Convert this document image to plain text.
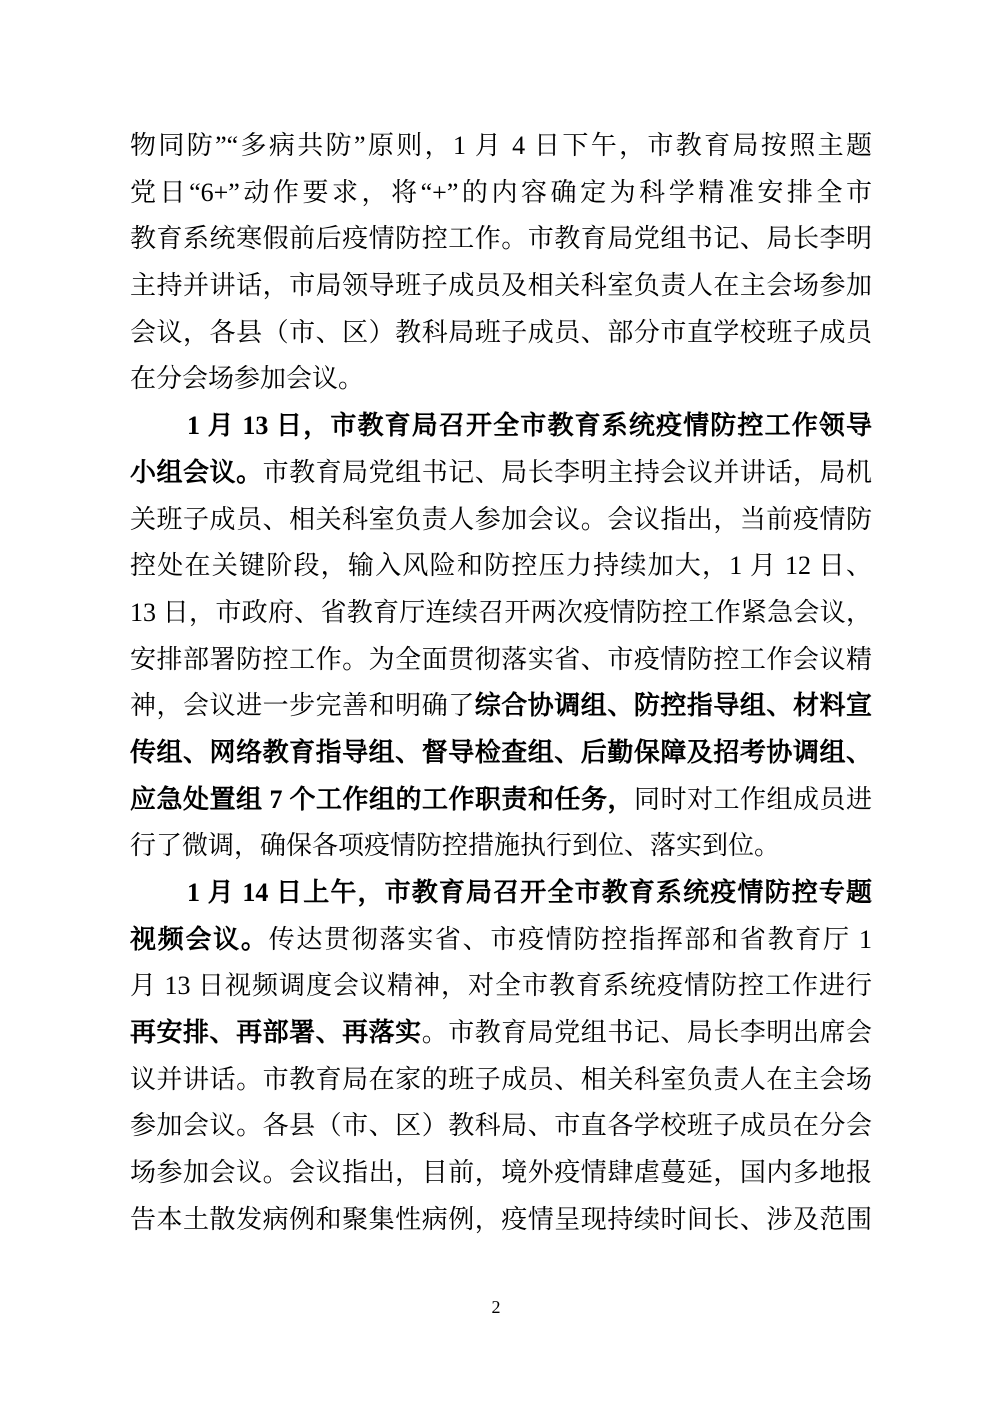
物同防”“多病共防”原则，1 月 4 日下午，市教育局按照主题
党日“6+”动作要求，将“+”的内容确定为科学精准安排全市
教育系统寒假前后疫情防控工作。市教育局党组书记、局长李明
主持并讲话，市局领导班子成员及相关科室负责人在主会场参加
会议，各县（市、区）教科局班子成员、部分市直学校班子成员
在分会场参加会议。
1 月 13 日，市教育局召开全市教育系统疫情防控工作领导
小组会议。市教育局党组书记、局长李明主持会议并讲话，局机
关班子成员、相关科室负责人参加会议。会议指出，当前疫情防
控处在关键阶段，输入风险和防控压力持续加大，1 月 12 日、
13 日，市政府、省教育厅连续召开两次疫情防控工作紧急会议，
安排部署防控工作。为全面贯彻落实省、市疫情防控工作会议精
神，会议进一步完善和明确了综合协调组、防控指导组、材料宣
传组、网络教育指导组、督导检查组、后勤保障及招考协调组、
应急处置组 7 个工作组的工作职责和任务，同时对工作组成员进
行了微调，确保各项疫情防控措施执行到位、落实到位。
1 月 14 日上午，市教育局召开全市教育系统疫情防控专题
视频会议。传达贯彻落实省、市疫情防控指挥部和省教育厅 1
月 13 日视频调度会议精神，对全市教育系统疫情防控工作进行
再安排、再部署、再落实。市教育局党组书记、局长李明出席会
议并讲话。市教育局在家的班子成员、相关科室负责人在主会场
参加会议。各县（市、区）教科局、市直各学校班子成员在分会
场参加会议。会议指出，目前，境外疫情肆虐蔓延，国内多地报
告本土散发病例和聚集性病例，疫情呈现持续时间长、涉及范围
2
